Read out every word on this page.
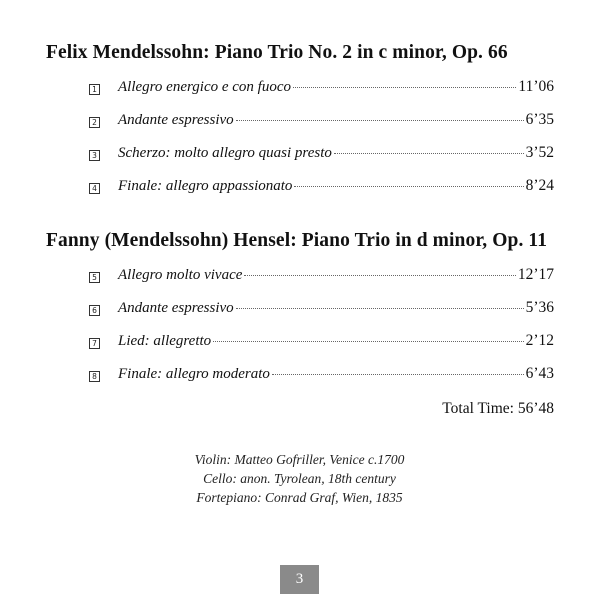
Felix Mendelssohn: Piano Trio No. 2 in c minor, Op. 66
1 Allegro energico e con fuoco	11’06
2 Andante espressivo	6’35
3 Scherzo: molto allegro quasi presto	3’52
4 Finale: allegro appassionato	8’24
Fanny (Mendelssohn) Hensel: Piano Trio in d minor, Op. 11
5 Allegro molto vivace	12’17
6 Andante espressivo	5’36
7 Lied: allegretto	2’12
8 Finale: allegro moderato	6’43
Total Time: 56’48
Violin: Matteo Gofriller, Venice c.1700
Cello: anon. Tyrolean, 18th century
Fortepiano: Conrad Graf, Wien, 1835
3
